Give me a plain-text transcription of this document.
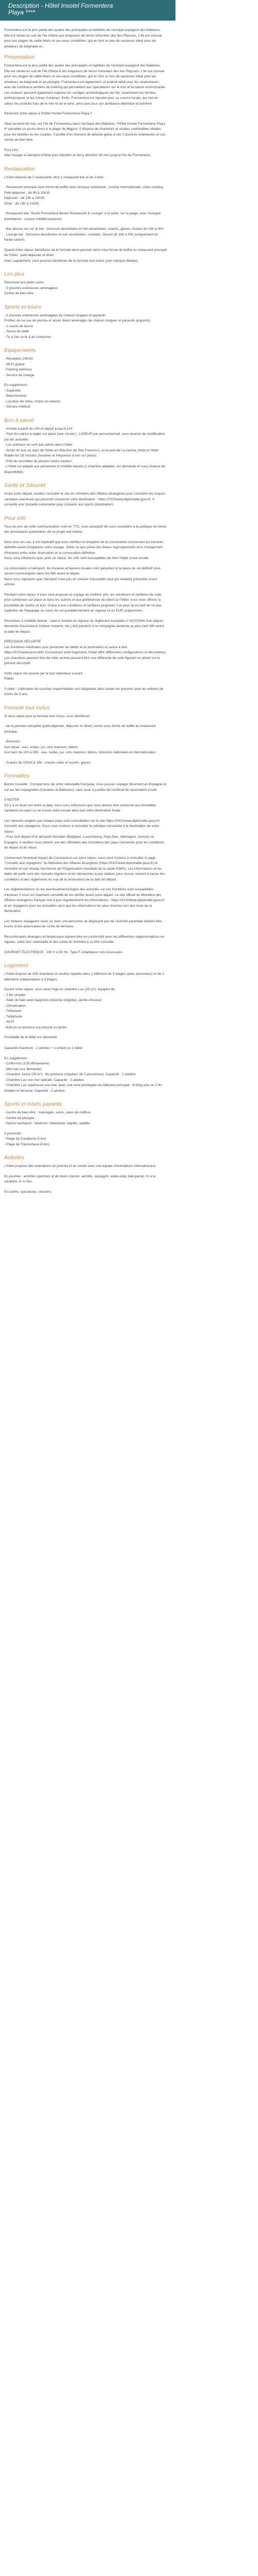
Description - Hôtel Insotel Formentera
Playa ****

Formentera est la plus petite des quatre îles principales et habitées de l'archipel espagnol des Baléares. Elle est située au sud de l'île d'Ibiza aux longueurs de terres fortunées des îles Pityuses. L'île est connue pour ses plages de sable blanc et ses eaux cristallines, qui en font un lieu de vacances idéal pour les amateurs de baignade et...

Présentation

Formentera est la plus petite des quatre îles principales et habitées de l'archipel espagnol des Baléares. Elle est située au sud de l'île d'Ibiza à ses longueurs de terres fortunées des îles Pityuses. L'île est connue pour ses plages de sable blanc et ses eaux cristallines, qui en font un lieu de vacances idéal pour les amateurs de baignade et de plongée. Formentera est également un endroit idéal pour les randonneurs, avec de nombreux sentiers de trekking qui permettent aux spectateurs sur le tour et la nature environnante. Les visiteurs peuvent également explorer les vestiges archéologiques de l'île, notamment les tombes préhistoriques et les ruines romaines. Enfin, Formentera est réputée pour sa cuisine locale, qui met en valeur les produits frais de la mer et de la terre, ainsi que pour son ambiance détendue et bohème.

Réservez votre séjour à l'Hôtel Insotel Formentera Playa !!

Situé au bord de mer, sur l'île de Formentera dans l'archipel des Baléares, l'Hôtel Insotel Formentera Playa 4* possède un accès direct à la plage de Migjorn. Il dispose de chambres et studios confortables idéales pour les familles ou les couples. Il profite d'un moment de détente grâce à ses 2 piscines extérieures et son centre de bien-être.

Pour info :
Aller-touage à l'aéroport d'Ibiza puis transfert en ferry direction 30 min jusqu'à l'île de Formentera.

Restauration

L'hôtel dispose de 2 restaurants dont 1 restaurant bar et de 2 bars :

- Restaurant principal sous forme de buffet avec terrasse extérieure : cuisine internationale, show cooking
Petit-déjeuner : de 8h à 10h15
Déjeuner : de 13h à 14h30
Dîner : de 19h à 21h30

- Restaurant-bar "South Formentera Beach Restaurant & Lounge" à la carte, sur la plage, avec musique d'ambiance : cuisine méditerranéenne.

- Bar piscine sur sur le bar : boissons alcoolisées et non alcoolisées, snacks, glaces. Ouvert de 10h à 00h.
- Lounge bar : boissons alcoolisées et non alcoolisées, cocktails. Ouvert de 19h à 00h (uniquement en haute saison).

Quand notre séjour, bénéficiez de la formule demi-pension ainsi vous forme de buffet au restaurant principal de l'hôtel : petit-déjeuner et dîner.
Avec supplément, vous pourrez bénéficier de la formule tout inclus (voir rubrique dédiée).

Les plus

Personnel aux petits soins
- 2 piscines extérieures aménagées
Centre de bien-être

Sports et loisirs

- 2 piscines extérieures aménagées de chaises longues et parasols
Profitez de sa vue de piscine et accès direct aménagés de chaises longues et parasols (payants)
- 2 courts de tennis
- Tennis de table
- Tir à l'arc et tir à air comprimé

Equipements

- Réception 24h/24
- Wi-Fi gratuit
- Parking extérieur
- Service de change

En supplément :
- Supérette
- Blanchisserie
- Location de vélos, motos et voitures
- Service médical

Bon à savoir

- Arrivée à partir de 15h et départ jusqu'à 12h
- Tous les séjour à regler sur place (see, lot ext.): 2,50EUR par personne/nuit, sous réserve de modification par les autorités.
- Les animaux ne sont pas admis dans l'hôtel.
- Accès en bus ou taxis de l'hôtel en direction de San Francisco, ou le port de La savina, Hôtel et Hôtel fixable les 28 minutes (horaires et fréquence à voir sur place).
- Prêt de serviettes de piscine contre caution.
- L'hôtel est adapté aux personnes à mobilité réduite (1 chambre adaptée, sur demande et sous réserve de disponibilité).

Santé et Sécurité

Avant votre départ, veuillez consulter le site du ministère des Affaires étrangères pour connaître les risques sanitaires éventuels qui pourront concerner votre destination : https://XXX/www.diplomatie.gouv.fr. Il conseille une mutuelle contenante pour convenir aux sports (destination)

Pour info

Tous les prix de cette communication sont en TTC, vous acceptez de vous soumettre à la politique de vente des prestataires partenaires de ce projet soit réalisé.

Dans tous les cas, il est impératif que vous vérifiiez la réception de la convocation concernant les horaires définitifs avant d'organiser votre voyage. Selon ce que prévu des beaux regroupements d'un changement d'horaires entre notre réservation et la convocation définitive.
Nous vous informons que, pour ce séjour, les vols sont susceptibles de faire l'objet d'une escale.

La convocation à l'aéroport, les horaires et liaisons locales sont garanties et la place du vol définitif vous seront communiqués dans les 48h avant le départ.
Nous vous signalons que l'aéroport n'est pas en mesure d'accueillir ceux qui seraient présentés à leur arrivée.

Pendant votre séjour, il vous sera proposé un voyage au meilleur prix, les conditions et tarifaires de suite pour comprises sur place et dans les actions et aux préférences du client ou l'hôtel, nous vous offrons la possibilité de choisir ce bon. Grâce à nos conditions et tarifaires proposés il se peut qu'un tarif de ne pas supérieur de l'équipage ou cours du vol quotidiennement en vigueur et en EUR uniquement.

Personnes à mobilité réduite : suite à l'entrée en vigueur du règlement européen n°1107/2006 (loin depuis demande d'assistance (chaise roulante, etc.) doit parvenir à la compagnie aérienne au plus tard 48h avant la date de départ.

PRÉCISION SÉCURITÉ
Les frontières médicales pour présenter les billets et la destination et suivre à titre https://XXX/www.aca.int/fr/ Concernant votre logement, l'hôtel offre différentes configurations et décorations. Les chambres peuvent être de votre arrivée pouvant être une différente de celle figurant en photo sur le présent descriptif.

Votre séjour est assuré par le tour opérateur suivant :
Platier

À noter : l'utilisation de couches imperméables est obligatoire dans toutes les piscines pour les enfants de moins de 3 ans.

Formule tout inclus

Si vous optez pour la formule tout inclus, vous bénéficiez :

- de la pension complète (petit-déjeuner, déjeuner et dîner) servie sous forme de buffet au restaurant principal.

- Boissons :
Aux repas : eau, sodas, jus, vins maisons, bières.
Aux bars de 10h à 00h : eau, sodas, jus, vins maisons, bières, boissons nationales et internationales.

- Snacks de 10h30 à 18h : snacks salés et sucrés, glaces.

Formalités

Bonne nouvelle : Compte tenu de votre nationalité française, vous pouvez voyager librement en Espagne et sur les îles espagnoles (Canaries et Baléares), sans avoir à justifier de certificat de vaccination Covid.

A NOTER
S'il y a un écart est entre la date, nous vous informons que nous devrez être conforme aux formalités sanitaires du pays ou ne trouve votre escale ainsi que votre destination finale.

Les mesures exigées par chaque pays sont consultables sur le site https://XXX/www.diplomatie.gouv.fr/ Conseils aux voyageurs. Nous vous invitons à consulter la rubrique consacrée à la destination de votre séjour.
- Pour tout départ d'un aéroport frontalier (Belgique, Luxembourg, Pays-Bas, Allemagne, Suisse) ou Espagne, il veuillez nous obtenir une des officielles des ministères des pays concernés pour les conditions de départ et de retour.

Concernant l'éventuel impact de Coronavirus sur votre séjour, nous vous invitons à consulter le page "Conseils aux voyageurs" du Ministère des Affaires étrangères (https://XXX/www.diplomatie.gouv.fr) le ministère et son réseau fonctionne de l'Organisation mondiale de la santé (OMS). Les informations et les dates de partir sont des conseils réguliers et les démarches à pas réaliser pour réussir suivant à cause des conditions et des règlements en vue de la réservation de la date de départ.

Les réglementations ou les avertissements/règles des autorités sur ces frontières sont susceptibles d'évoluer, il vous est vivement conseillé de les vérifier avant votre départ. Le site officiel du Ministère des Affaires étrangères français met à jour régulièrement les informations : https://XXX/www.diplomatie.gouv.fr/ et en voyageurs pour les actualités ainsi que les informations les plus récentes lors des tests de la destination.

Les mineurs voyageant seuls ou avec une personne ne disposant pas de l'autorité parentale doivent être munis d'une autorisation de sortie de territoire.

Ressortissants étrangers et binationaux doivent être en conformité avec les différentes réglementations en vigueur, selon leur nationalité et des sortie du territoire à ce titre consulté.

COURANT ÉLECTRIQUE : 230 V à 50 Hz. Type F. Adaptateur non nécessaire.

Logement

L'hôtel dispose de 335 chambres et studios répartis dans 1 bâtiment de 4 étages (avec ascenseur) et de 2 bâtiments indépendants à 3 étages.

Durant votre séjour, vous serez logé en chambre Lux (25 m²), équipée de :
- 2 lits simples
- Salle de bain avec baignoire (douche intégrée), sèche-cheveux
- Climatisation
- Télévision
- Téléphone
- Wi-Fi
- Balcon ou terrasse vue piscine ou jardin.

Possibilité de lit bébé sur demande.

Capacité maximum : 2 adultes + 1 enfant ou 1 bébé

En supplément :
- Coffre-fort (12EUR/semaine)
- Mini-bar (sur demande)
- Chambre Junior (28 m²) : lits jumeaux (réguliers de 2 personnes). Capacité : 2 adultes
- Chambre Lux vue mer latérale. Capacité : 2 adultes
- Chambre Lux supérieure vue mer, avec une zone privilégiée du bâtiment principal : lit King size ou 2 lits simples et terrasse. Capacité : 2 adultes

Sports et loisirs payants

- Centre de bien-être : massages, soins, salon de coiffure
- Centre de plongée
- Sports nautiques : windsurf, catamaran, kayaks, paddle.

A proximité :
- Plage de Cavalleria (5 km)
- Plage de Tramuntana (4 km).

Activités

L'hôtel propose des animations en journée et en soirée avec une équipe d'animateurs internationaux.

En journée : activités sportives et de loisirs (tennis, aérobic, aquagym, water-polo, ball-game), tir à la carabine, tir à l'arc.

En soirée, spectacles, concerts.
